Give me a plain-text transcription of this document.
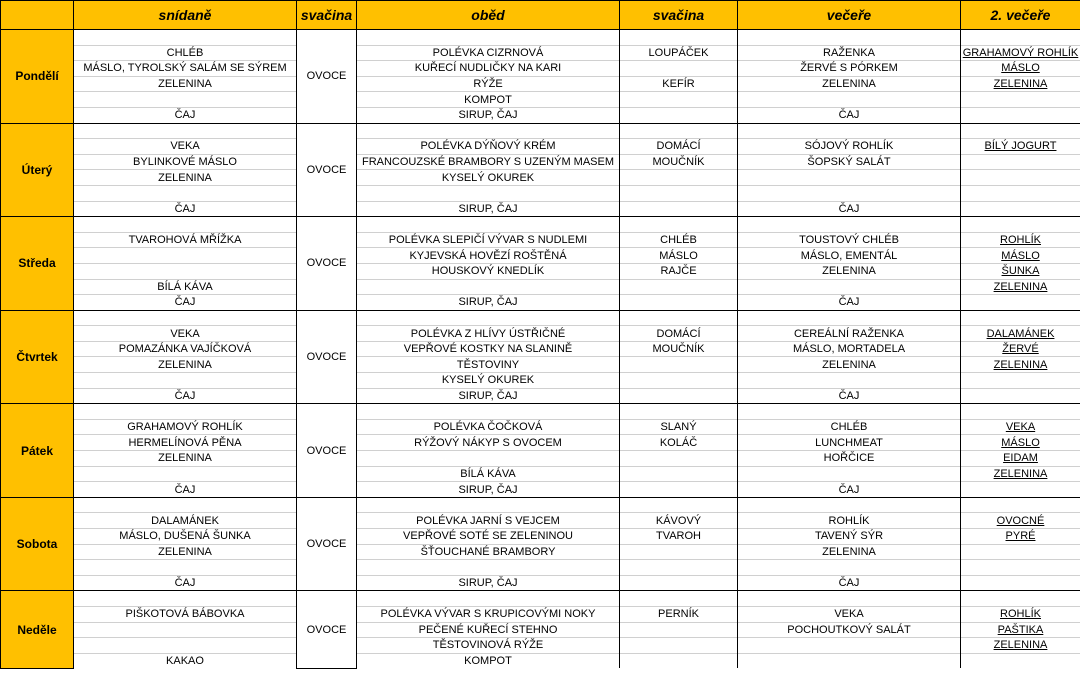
	snídaně	svačina	oběd	svačina	večeře	2. večeře
Pondělí		OVOCE				
	CHLÉB		POLÉVKA CIZRNOVÁ	LOUPÁČEK	RAŽENKA	GRAHAMOVÝ ROHLÍK
	MÁSLO, TYROLSKÝ SALÁM SE SÝREM		KUŘECÍ NUDLIČKY NA KARI		ŽERVÉ S PÓRKEM	MÁSLO
	ZELENINA		RÝŽE	KEFÍR	ZELENINA	ZELENINA
			KOMPOT			
	ČAJ		SIRUP, ČAJ		ČAJ	
Úterý		OVOCE				
	VEKA		POLÉVKA DÝŇOVÝ KRÉM	DOMÁCÍ	SÓJOVÝ ROHLÍK	BÍLÝ JOGURT
	BYLINKOVÉ MÁSLO		FRANCOUZSKÉ BRAMBORY S UZENÝM MASEM	MOUČNÍK	ŠOPSKÝ SALÁT	
	ZELENINA		KYSELÝ OKUREK			

	ČAJ		SIRUP, ČAJ		ČAJ	
Středa		OVOCE				
	TVAROHOVÁ MŘÍŽKA		POLÉVKA SLEPIČÍ VÝVAR S NUDLEMI	CHLÉB	TOUSTOVÝ CHLÉB	ROHLÍK
			KYJEVSKÁ HOVĚZÍ ROŠTĚNÁ	MÁSLO	MÁSLO, EMENTÁL	MÁSLO
			HOUSKOVÝ KNEDLÍK	RAJČE	ZELENINA	ŠUNKA
	BÍLÁ KÁVA					ZELENINA
	ČAJ		SIRUP, ČAJ		ČAJ	
Čtvrtek		OVOCE				
	VEKA		POLÉVKA Z HLÍVY ÚSTŘIČNÉ	DOMÁCÍ	CEREÁLNÍ RAŽENKA	DALAMÁNEK
	POMAZÁNKA VAJÍČKOVÁ		VEPŘOVÉ KOSTKY NA SLANINĚ	MOUČNÍK	MÁSLO, MORTADELA	ŽERVÉ
	ZELENINA		TĚSTOVINY		ZELENINA	ZELENINA
			KYSELÝ OKUREK			
	ČAJ		SIRUP, ČAJ		ČAJ	
Pátek		OVOCE				
	GRAHAMOVÝ ROHLÍK		POLÉVKA ČOČKOVÁ	SLANÝ	CHLÉB	VEKA
	HERMELÍNOVÁ PĚNA		RÝŽOVÝ NÁKYP S OVOCEM	KOLÁČ	LUNCHMEAT	MÁSLO
	ZELENINA				HOŘČICE	EIDAM
			BÍLÁ KÁVA			ZELENINA
	ČAJ		SIRUP, ČAJ		ČAJ	
Sobota		OVOCE				
	DALAMÁNEK		POLÉVKA JARNÍ S VEJCEM	KÁVOVÝ	ROHLÍK	OVOCNÉ
	MÁSLO, DUŠENÁ ŠUNKA		VEPŘOVÉ SOTÉ SE ZELENINOU	TVAROH	TAVENÝ SÝR	PYRÉ
	ZELENINA		ŠŤOUCHANÉ BRAMBORY		ZELENINA	

	ČAJ		SIRUP, ČAJ		ČAJ	
Neděle		OVOCE				
	PIŠKOTOVÁ BÁBOVKA		POLÉVKA VÝVAR S KRUPICOVÝMI NOKY	PERNÍK	VEKA	ROHLÍK
			PEČENÉ KUŘECÍ STEHNO		POCHOUTKOVÝ SALÁT	PAŠTIKA
			TĚSTOVINOVÁ RÝŽE			ZELENINA
	KAKAO		KOMPOT			
